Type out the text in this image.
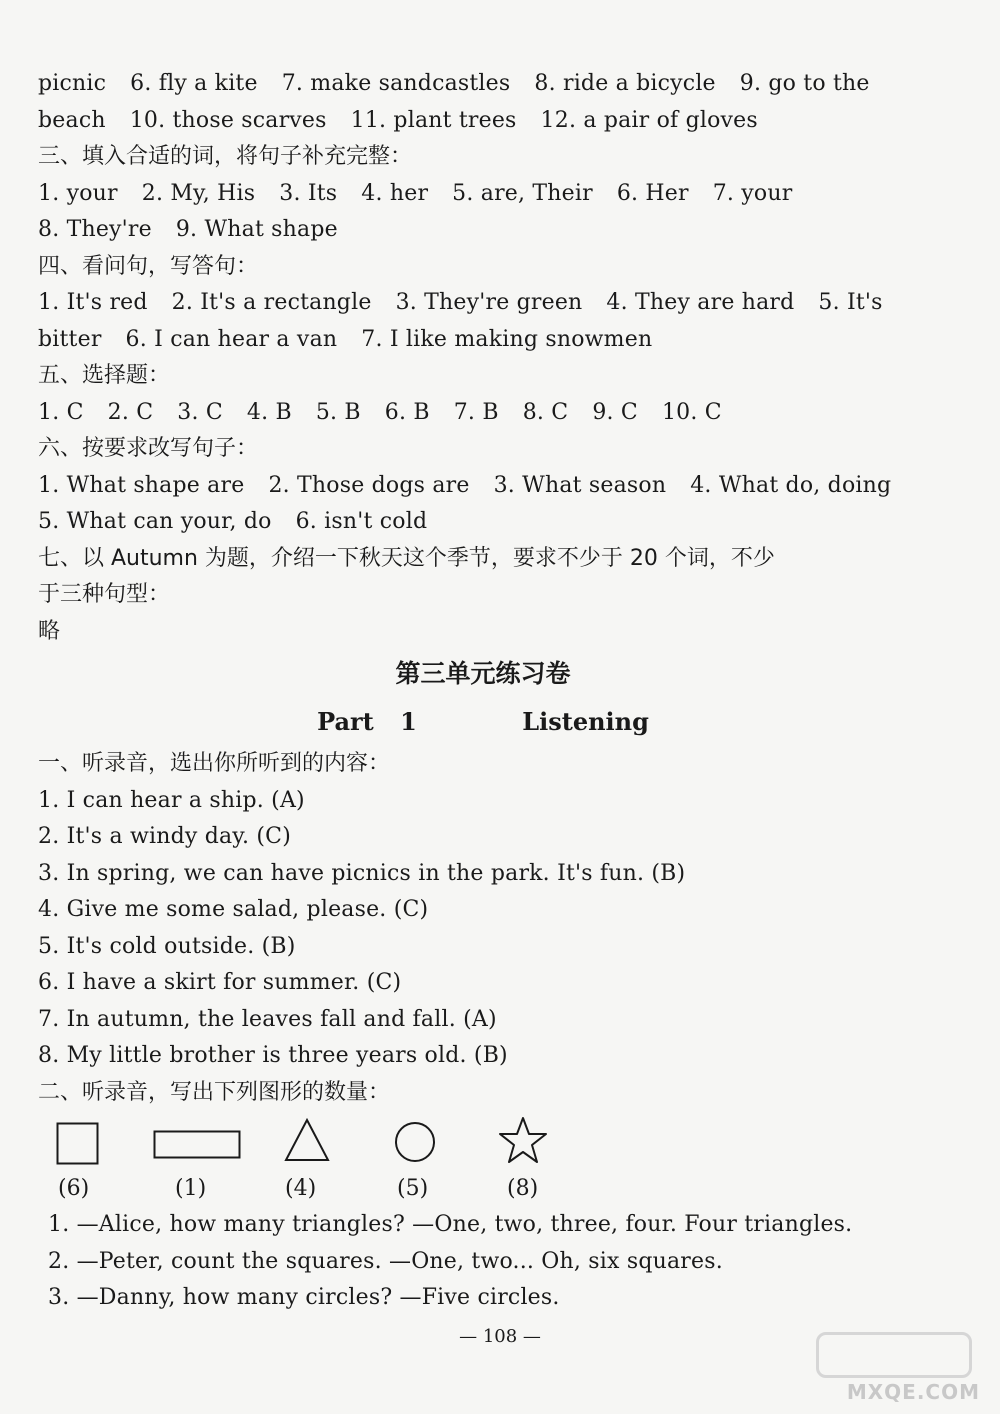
picnic 6. fly a kite 7. make sandcastles 8. ride a bicycle 9. go to the
beach 10. those scarves 11. plant trees 12. a pair of gloves
三、填入合适的词，将句子补充完整：
1. your 2. My, His 3. Its 4. her 5. are, Their 6. Her 7. your
8. They're 9. What shape
四、看问句，写答句：
1. It's red 2. It's a rectangle 3. They're green 4. They are hard 5. It's
bitter 6. I can hear a van 7. I like making snowmen
五、选择题：
1. C 2. C 3. C 4. B 5. B 6. B 7. B 8. C 9. C 10. C
六、按要求改写句子：
1. What shape are 2. Those dogs are 3. What season 4. What do, doing
5. What can your, do 6. isn't cold
七、以 Autumn 为题，介绍一下秋天这个季节，要求不少于 20 个词，不少
于三种句型：
略
第三单元练习卷
Part 1    Listening
一、听录音，选出你所听到的内容：
1. I can hear a ship. (A)
2. It's a windy day. (C)
3. In spring, we can have picnics in the park. It's fun. (B)
4. Give me some salad, please. (C)
5. It's cold outside. (B)
6. I have a skirt for summer. (C)
7. In autumn, the leaves fall and fall. (A)
8. My little brother is three years old. (B)
二、听录音，写出下列图形的数量：
(6)	(1)	(4)	(5)	(8)
1. —Alice, how many triangles? —One, two, three, four. Four triangles.
2. —Peter, count the squares. —One, two... Oh, six squares.
3. —Danny, how many circles? —Five circles.
— 108 —
MXQE.COM
